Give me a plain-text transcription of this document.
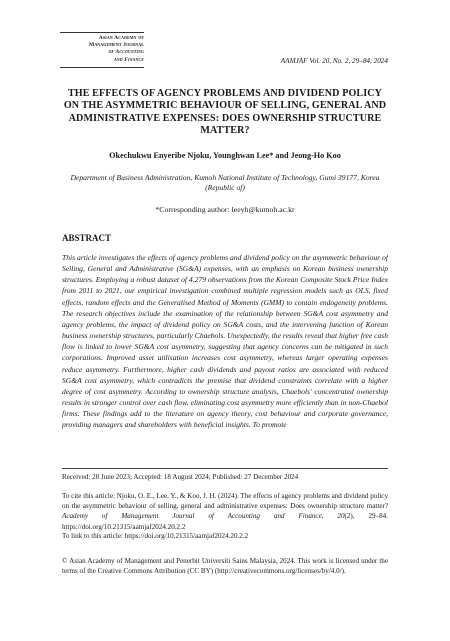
Asian Academy of
Management Journal
of Accounting
and Finance	AAMJAF Vol. 20, No. 2, 29–84, 2024
THE EFFECTS OF AGENCY PROBLEMS AND DIVIDEND POLICY ON THE ASYMMETRIC BEHAVIOUR OF SELLING, GENERAL AND ADMINISTRATIVE EXPENSES: DOES OWNERSHIP STRUCTURE MATTER?
Okechukwu Enyeribe Njoku, Younghwan Lee* and Jeong-Ho Koo
Department of Business Administration, Kumoh National Institute of Technology, Gumi 39177, Korea (Republic of)
*Corresponding author: leeyh@kumoh.ac.kr
ABSTRACT
This article investigates the effects of agency problems and dividend policy on the asymmetric behaviour of Selling, General and Administrative (SG&A) expenses, with an emphasis on Korean business ownership structures. Employing a robust dataset of 4,279 observations from the Korean Composite Stock Price Index from 2011 to 2021, our empirical investigation combined multiple regression models such as OLS, fixed effects, random effects and the Generalised Method of Moments (GMM) to contain endogeneity problems. The research objectives include the examination of the relationship between SG&A cost asymmetry and agency problems, the impact of dividend policy on SG&A costs, and the intervening function of Korean business ownership structures, particularly Chaebols. Unexpectedly, the results reveal that higher free cash flow is linked to lower SG&A cost asymmetry, suggesting that agency concerns can be mitigated in such corporations. Improved asset utilisation increases cost asymmetry, whereas larger operating expenses reduce asymmetry. Furthermore, higher cash dividends and payout ratios are associated with reduced SG&A cost asymmetry, which contradicts the premise that dividend constraints correlate with a higher degree of cost asymmetry. According to ownership structure analysis, Chaebols' concentrated ownership results in stronger control over cash flow, eliminating cost asymmetry more efficiently than in non-Chaebol firms. These findings add to the literature on agency theory, cost behaviour and corporate governance, providing managers and shareholders with beneficial insights. To promote
Received: 28 June 2023; Accepted: 18 August 2024; Published: 27 December 2024
To cite this article: Njoku, O. E., Lee, Y., & Koo, J. H. (2024). The effects of agency problems and dividend policy on the asymmetric behaviour of selling, general and administrative expenses: Does ownership structure matter? Academy of Management Journal of Accounting and Finance, 20(2), 29–84. https://doi.org/10.21315/aamjaf2024.20.2.2
To link to this article: https://doi.org/10.21315/aamjaf2024.20.2.2
© Asian Academy of Management and Penerbit Universiti Sains Malaysia, 2024. This work is licensed under the terms of the Creative Commons Attribution (CC BY) (http://creativecommons.org/licenses/by/4.0/).
